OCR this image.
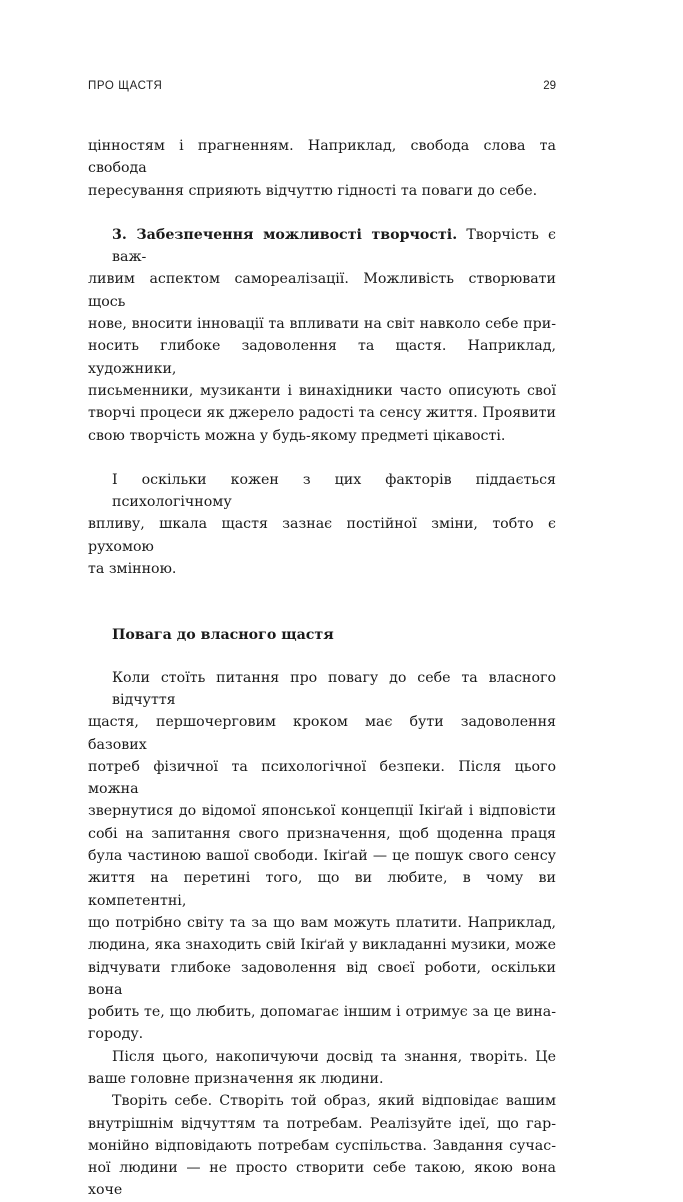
ПРО ЩАСТЯ	29

цінностям і прагненням. Наприклад, свобода слова та свобода
пересування сприяють відчуттю гідності та поваги до себе.

3. Забезпечення можливості творчості. Творчість є важ-
ливим аспектом самореалізації. Можливість створювати щось
нове, вносити інновації та впливати на світ навколо себе при-
носить глибоке задоволення та щастя. Наприклад, художники,
письменники, музиканти і винахідники часто описують свої
творчі процеси як джерело радості та сенсу життя. Проявити
свою творчість можна у будь-якому предметі цікавості.

І оскільки кожен з цих факторів піддається психологічному
впливу, шкала щастя зазнає постійної зміни, тобто є рухомою
та змінною.

Повага до власного щастя

Коли стоїть питання про повагу до себе та власного відчуття
щастя, першочерговим кроком має бути задоволення базових
потреб фізичної та психологічної безпеки. Після цього можна
звернутися до відомої японської концепції Ікіґай і відповісти
собі на запитання свого призначення, щоб щоденна праця
була частиною вашої свободи. Ікіґай — це пошук свого сенсу
життя на перетині того, що ви любите, в чому ви компетентні,
що потрібно світу та за що вам можуть платити. Наприклад,
людина, яка знаходить свій Ікіґай у викладанні музики, може
відчувати глибоке задоволення від своєї роботи, оскільки вона
робить те, що любить, допомагає іншим і отримує за це вина-
городу.

Після цього, накопичуючи досвід та знання, творіть. Це
ваше головне призначення як людини.

Творіть себе. Створіть той образ, який відповідає вашим
внутрішнім відчуттям та потребам. Реалізуйте ідеї, що гар-
монійно відповідають потребам суспільства. Завдання сучас-
ної людини — не просто створити себе такою, якою вона хоче
